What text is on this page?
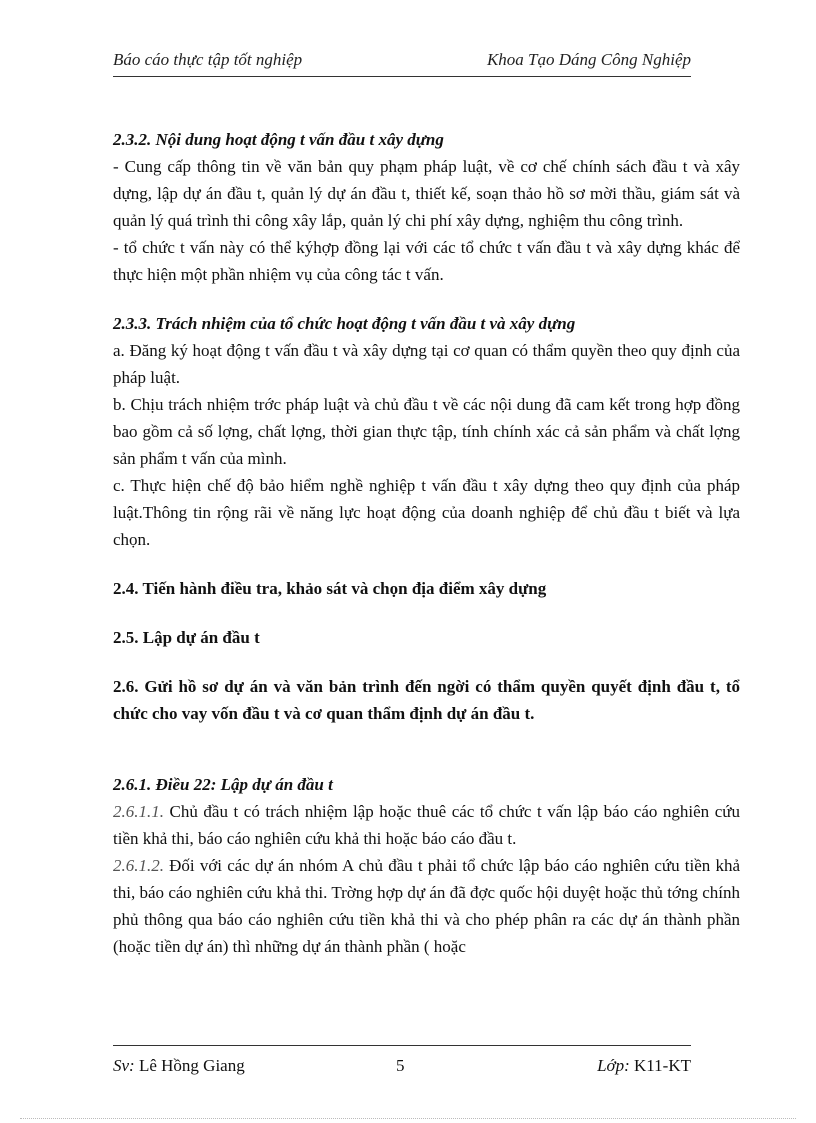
Báo cáo thực tập tốt nghiệp	Khoa Tạo Dáng Công Nghiệp

2.3.2. Nội dung hoạt động t vấn đầu t xây dựng

- Cung cấp thông tin về văn bản quy phạm pháp luật, về cơ chế chính sách đầu t và xây dựng, lập dự án đầu t, quản lý dự án đầu t, thiết kế, soạn thảo hồ sơ mời thầu, giám sát và quản lý quá trình thi công xây lắp, quản lý chi phí xây dựng, nghiệm thu công trình.

- tổ chức t vấn này có thể kýhợp đồng lại với các tổ chức t vấn đầu t và xây dựng khác để thực hiện một phần nhiệm vụ của công tác t vấn.

2.3.3. Trách nhiệm của tổ chức hoạt động t vấn đầu t và xây dựng

a. Đăng ký hoạt động t vấn đầu t và xây dựng tại cơ quan có thẩm quyền theo quy định của pháp luật.

b. Chịu trách nhiệm trớc pháp luật và chủ đầu t về các nội dung đã cam kết trong hợp đồng bao gồm cả số lợng, chất lợng, thời gian thực tập, tính chính xác cả sản phẩm và chất lợng sản phẩm t vấn của mình.

c. Thực hiện chế độ bảo hiểm nghề nghiệp t vấn đầu t xây dựng theo quy định của pháp luật.Thông tin rộng rãi về năng lực hoạt động của doanh nghiệp để chủ đầu t biết và lựa chọn.

2.4. Tiến hành điều tra, khảo sát và chọn địa điểm xây dựng

2.5. Lập dự án đầu t

2.6. Gửi hồ sơ dự án và văn bản trình đến ngời có thẩm quyền quyết định đầu t, tổ chức cho vay vốn đầu t và cơ quan thẩm định dự án đầu t.

2.6.1. Điều 22: Lập dự án đầu t

2.6.1.1. Chủ đầu t có trách nhiệm lập hoặc thuê các tổ chức t vấn lập báo cáo nghiên cứu tiền khả thi, báo cáo nghiên cứu khả thi hoặc báo cáo đầu t.

2.6.1.2. Đối với các dự án nhóm A chủ đầu t phải tổ chức lập báo cáo nghiên cứu tiền khả thi, báo cáo nghiên cứu khả thi. Trờng hợp dự án đã đợc quốc hội duyệt hoặc thủ tớng chính phủ thông qua báo cáo nghiên cứu tiền khả thi và cho phép phân ra các dự án thành phần (hoặc tiền dự án) thì những dự án thành phần ( hoặc

Sv: Lê Hồng Giang	5	Lớp: K11-KT
